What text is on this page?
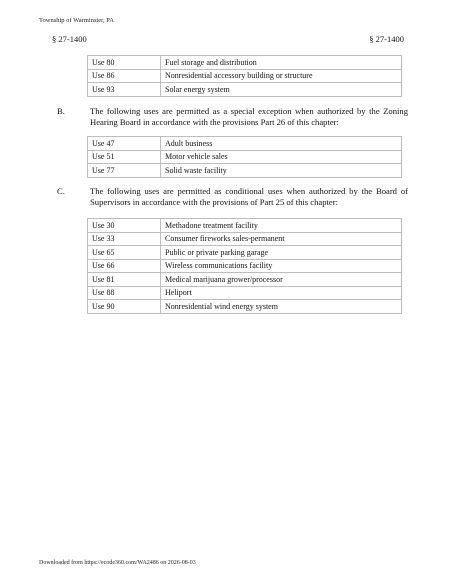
Township of Warminster, PA
§ 27-1400	§ 27-1400
Use 80	Fuel storage and distribution
Use 86	Nonresidential accessory building or structure
Use 93	Solar energy system
B.	The following uses are permitted as a special exception when authorized by the Zoning Hearing Board in accordance with the provisions Part 26 of this chapter:
Use 47	Adult business
Use 51	Motor vehicle sales
Use 77	Solid waste facility
C.	The following uses are permitted as conditional uses when authorized by the Board of Supervisors in accordance with the provisions of Part 25 of this chapter:
Use 30	Methadone treatment facility
Use 33	Consumer fireworks sales-permanent
Use 65	Public or private parking garage
Use 66	Wireless communications facility
Use 81	Medical marijuana grower/processor
Use 88	Heliport
Use 90	Nonresidential wind energy system
Downloaded from https://ecode360.com/WA2486 on 2026-08-03
